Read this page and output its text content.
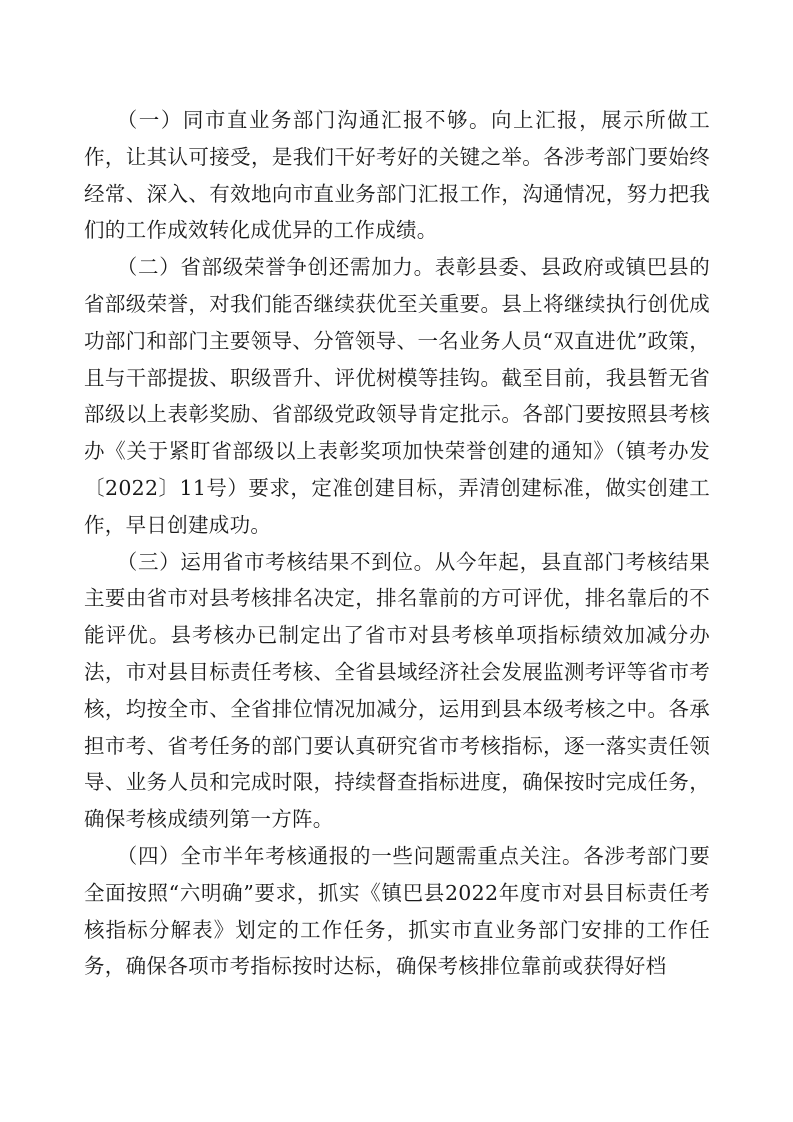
（一）同市直业务部门沟通汇报不够。向上汇报，展示所做工作，让其认可接受，是我们干好考好的关键之举。各涉考部门要始终经常、深入、有效地向市直业务部门汇报工作，沟通情况，努力把我们的工作成效转化成优异的工作成绩。

（二）省部级荣誉争创还需加力。表彰县委、县政府或镇巴县的省部级荣誉，对我们能否继续获优至关重要。县上将继续执行创优成功部门和部门主要领导、分管领导、一名业务人员“双直进优”政策，且与干部提拔、职级晋升、评优树模等挂钩。截至目前，我县暂无省部级以上表彰奖励、省部级党政领导肯定批示。各部门要按照县考核办《关于紧盯省部级以上表彰奖项加快荣誉创建的通知》（镇考办发〔2022〕11号）要求，定准创建目标，弄清创建标准，做实创建工作，早日创建成功。

（三）运用省市考核结果不到位。从今年起，县直部门考核结果主要由省市对县考核排名决定，排名靠前的方可评优，排名靠后的不能评优。县考核办已制定出了省市对县考核单项指标绩效加减分办法，市对县目标责任考核、全省县域经济社会发展监测考评等省市考核，均按全市、全省排位情况加减分，运用到县本级考核之中。各承担市考、省考任务的部门要认真研究省市考核指标，逐一落实责任领导、业务人员和完成时限，持续督查指标进度，确保按时完成任务，确保考核成绩列第一方阵。

（四）全市半年考核通报的一些问题需重点关注。各涉考部门要全面按照“六明确”要求，抓实《镇巴县2022年度市对县目标责任考核指标分解表》划定的工作任务，抓实市直业务部门安排的工作任务，确保各项市考指标按时达标，确保考核排位靠前或获得好档
